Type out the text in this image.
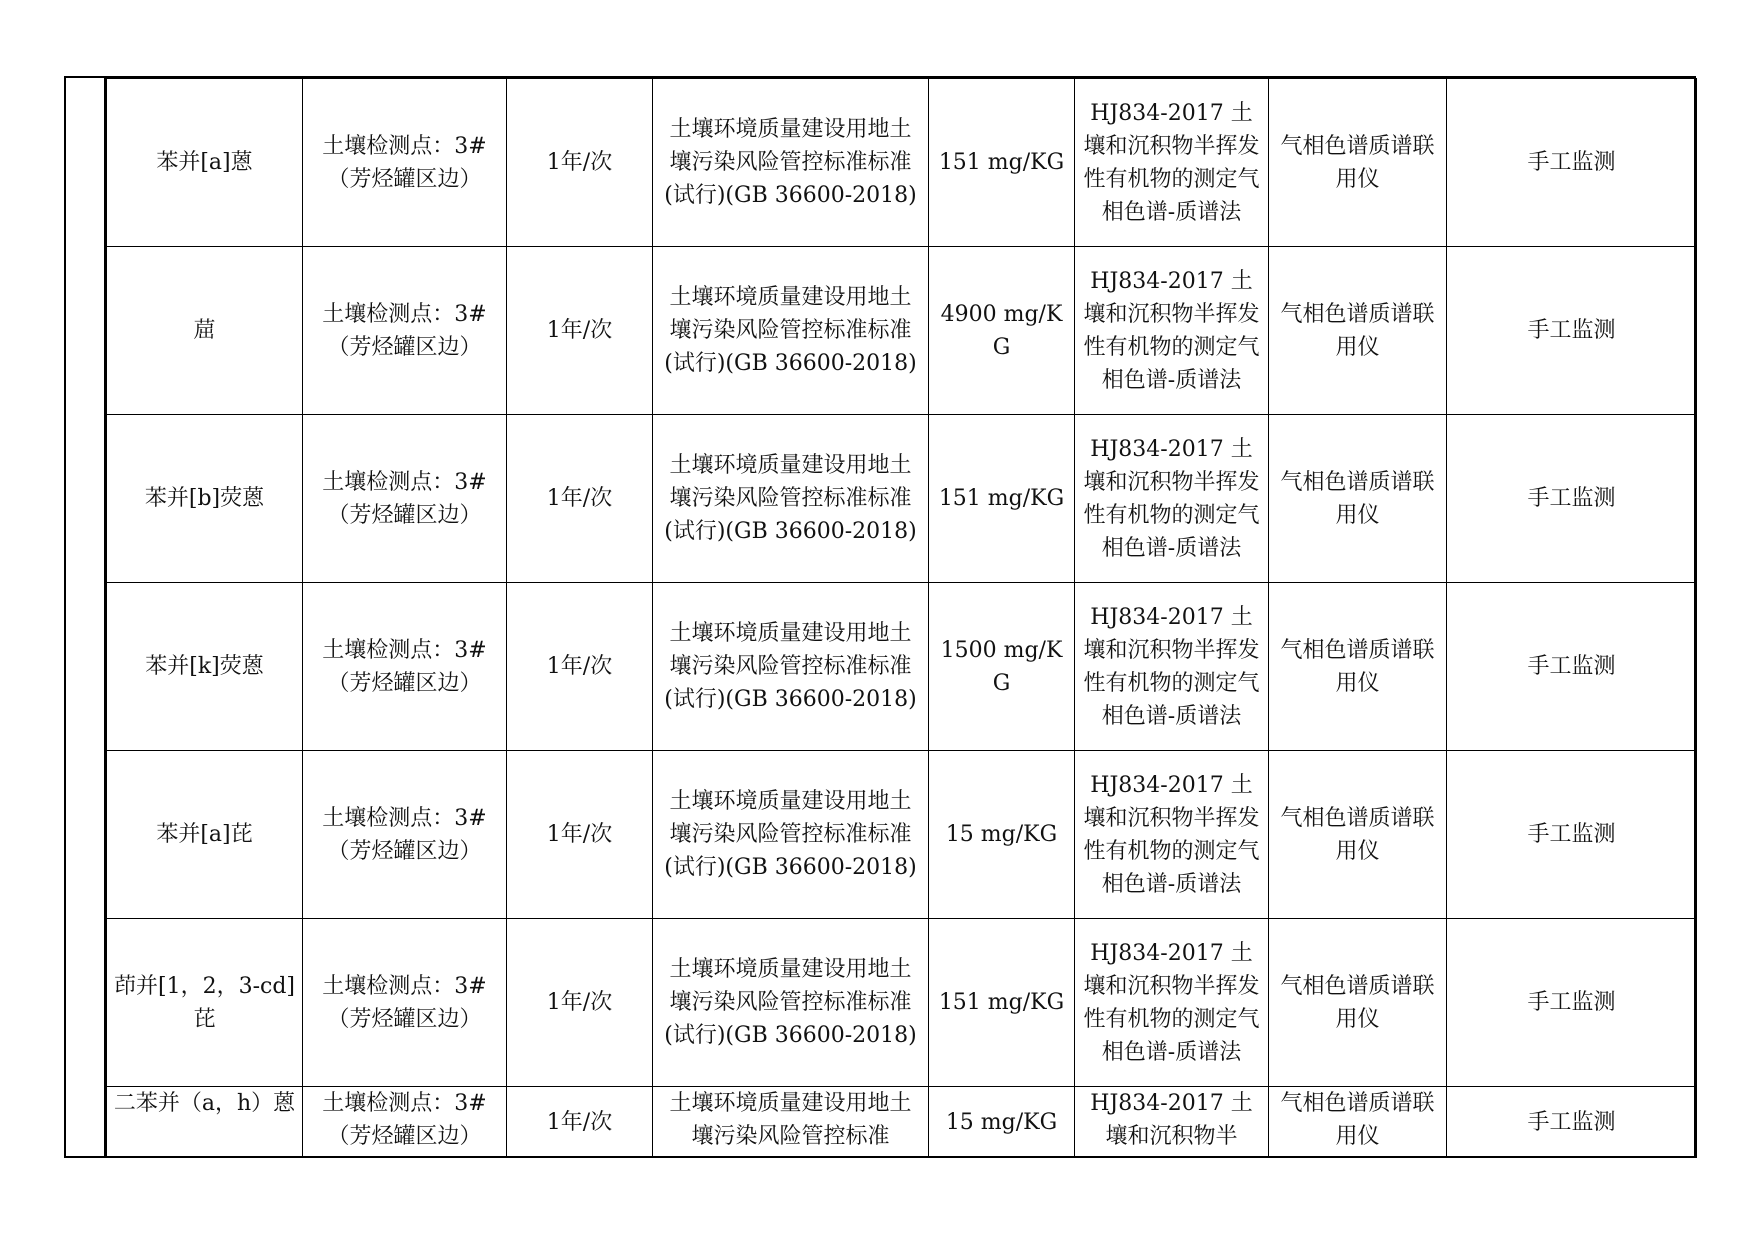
苯并[a]蒽	土壤检测点：3#（芳烃罐区边）	1年/次	土壤环境质量建设用地土壤污染风险管控标准标准(试行)(GB 36600-2018)	151 mg/KG	HJ834-2017 土壤和沉积物半挥发性有机物的测定气相色谱-质谱法	气相色谱质谱联用仪	手工监测
䓛	土壤检测点：3#（芳烃罐区边）	1年/次	土壤环境质量建设用地土壤污染风险管控标准标准(试行)(GB 36600-2018)	4900 mg/KG	HJ834-2017 土壤和沉积物半挥发性有机物的测定气相色谱-质谱法	气相色谱质谱联用仪	手工监测
苯并[b]荧蒽	土壤检测点：3#（芳烃罐区边）	1年/次	土壤环境质量建设用地土壤污染风险管控标准标准(试行)(GB 36600-2018)	151 mg/KG	HJ834-2017 土壤和沉积物半挥发性有机物的测定气相色谱-质谱法	气相色谱质谱联用仪	手工监测
苯并[k]荧蒽	土壤检测点：3#（芳烃罐区边）	1年/次	土壤环境质量建设用地土壤污染风险管控标准标准(试行)(GB 36600-2018)	1500 mg/KG	HJ834-2017 土壤和沉积物半挥发性有机物的测定气相色谱-质谱法	气相色谱质谱联用仪	手工监测
苯并[a]芘	土壤检测点：3#（芳烃罐区边）	1年/次	土壤环境质量建设用地土壤污染风险管控标准标准(试行)(GB 36600-2018)	15 mg/KG	HJ834-2017 土壤和沉积物半挥发性有机物的测定气相色谱-质谱法	气相色谱质谱联用仪	手工监测
茚并[1，2，3-cd]芘	土壤检测点：3#（芳烃罐区边）	1年/次	土壤环境质量建设用地土壤污染风险管控标准标准(试行)(GB 36600-2018)	151 mg/KG	HJ834-2017 土壤和沉积物半挥发性有机物的测定气相色谱-质谱法	气相色谱质谱联用仪	手工监测
二苯并（a，h）蒽	土壤检测点：3#（芳烃罐区边）	1年/次	土壤环境质量建设用地土壤污染风险管控标准	15 mg/KG	HJ834-2017 土壤和沉积物半	气相色谱质谱联用仪	手工监测
